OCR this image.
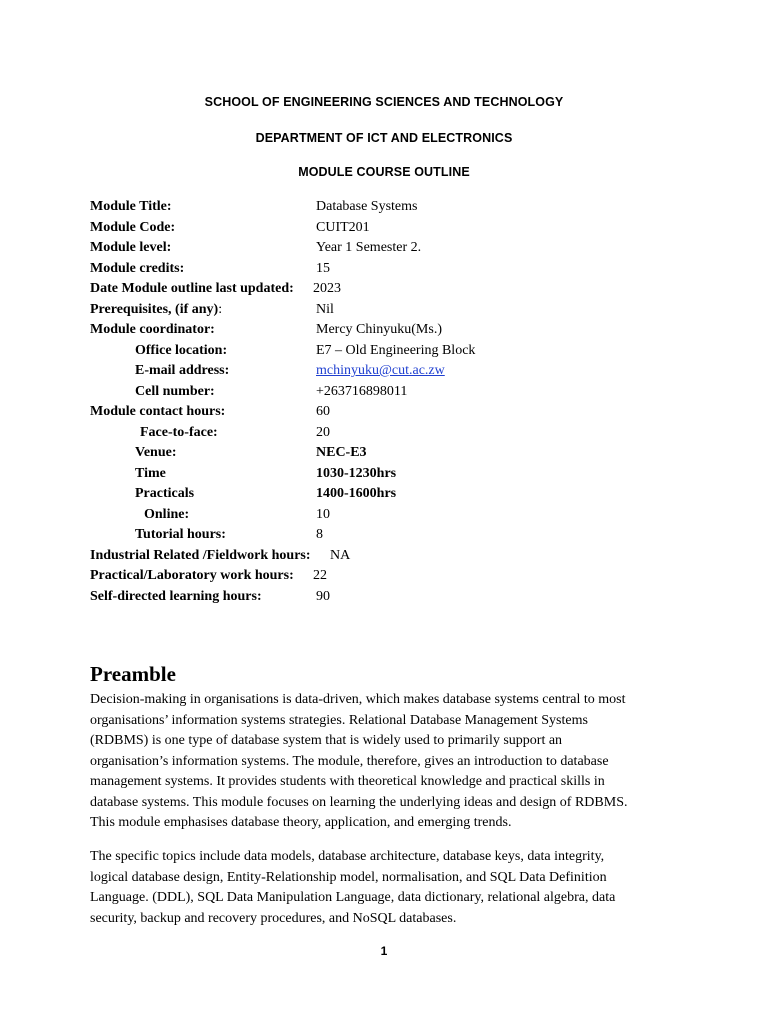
SCHOOL OF ENGINEERING SCIENCES AND TECHNOLOGY
DEPARTMENT OF ICT AND ELECTRONICS
MODULE COURSE OUTLINE
Module Title:	Database Systems
Module Code:	CUIT201
Module level:	Year 1 Semester 2.
Module credits:	15
Date Module outline last updated: 2023
Prerequisites, (if any):	Nil
Module coordinator:	Mercy Chinyuku(Ms.)
Office location:	E7 – Old Engineering Block
E-mail address:	mchinyuku@cut.ac.zw
Cell number:	+263716898011
Module contact hours:	60
Face-to-face:	20
Venue:	NEC-E3
Time	1030-1230hrs
Practicals	1400-1600hrs
Online:	10
Tutorial hours:	8
Industrial Related /Fieldwork hours: NA
Practical/Laboratory work hours: 22
Self-directed learning hours:	90
Preamble

Decision-making in organisations is data-driven, which makes database systems central to most

organisations’ information systems strategies. Relational Database Management Systems

(RDBMS) is one type of database system that is widely used to primarily support an

organisation’s information systems. The module, therefore, gives an introduction to database

management systems. It provides students with theoretical knowledge and practical skills in

database systems. This module focuses on learning the underlying ideas and design of RDBMS.

This module emphasises database theory, application, and emerging trends.

The specific topics include data models, database architecture, database keys, data integrity,

logical database design, Entity-Relationship model, normalisation, and SQL Data Definition

Language. (DDL), SQL Data Manipulation Language, data dictionary, relational algebra, data

security, backup and recovery procedures, and NoSQL databases.

1
